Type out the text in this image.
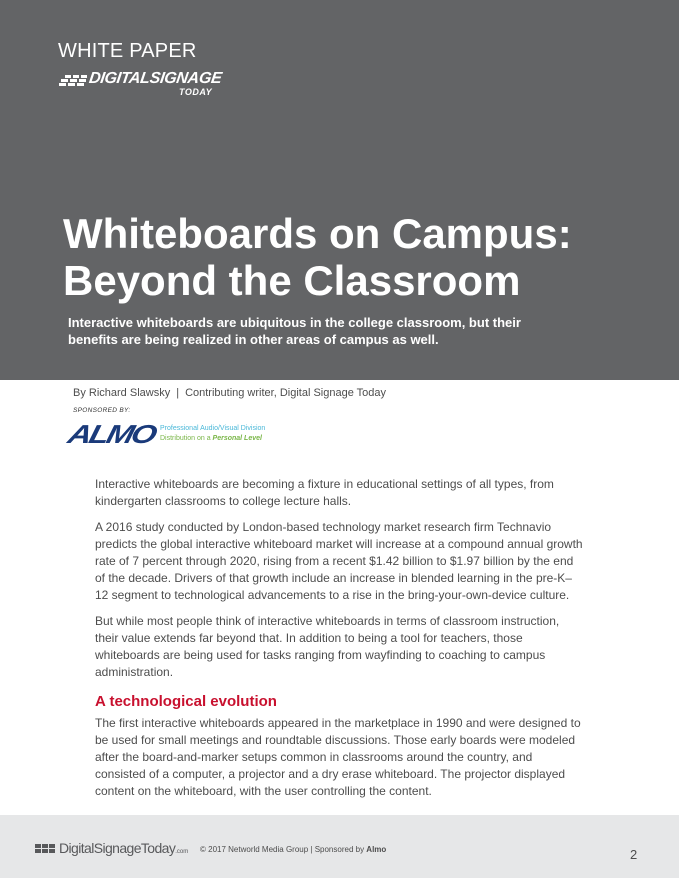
WHITE PAPER
DIGITALSIGNAGE
TODAY
Whiteboards on Campus:
Beyond the Classroom
Interactive whiteboards are ubiquitous in the college classroom, but their benefits are being realized in other areas of campus as well.
By Richard Slawsky | Contributing writer, Digital Signage Today
SPONSORED BY:
ALMO Professional Audio/Visual Division
Distribution on a Personal Level

Interactive whiteboards are becoming a fixture in educational settings of all types, from kindergarten classrooms to college lecture halls.

A 2016 study conducted by London-based technology market research firm Technavio predicts the global interactive whiteboard market will increase at a compound annual growth rate of 7 percent through 2020, rising from a recent $1.42 billion to $1.97 billion by the end of the decade. Drivers of that growth include an increase in blended learning in the pre-K–12 segment to technological advancements to a rise in the bring-your-own-device culture.

But while most people think of interactive whiteboards in terms of classroom instruction, their value extends far beyond that. In addition to being a tool for teachers, those whiteboards are being used for tasks ranging from wayfinding to coaching to campus administration.

A technological evolution

The first interactive whiteboards appeared in the marketplace in 1990 and were designed to be used for small meetings and roundtable discussions. Those early boards were modeled after the board-and-marker setups common in classrooms around the country, and consisted of a computer, a projector and a dry erase whiteboard. The projector displayed content on the whiteboard, with the user controlling the content.

DigitalSignageToday.com © 2017 Networld Media Group | Sponsored by Almo	2
